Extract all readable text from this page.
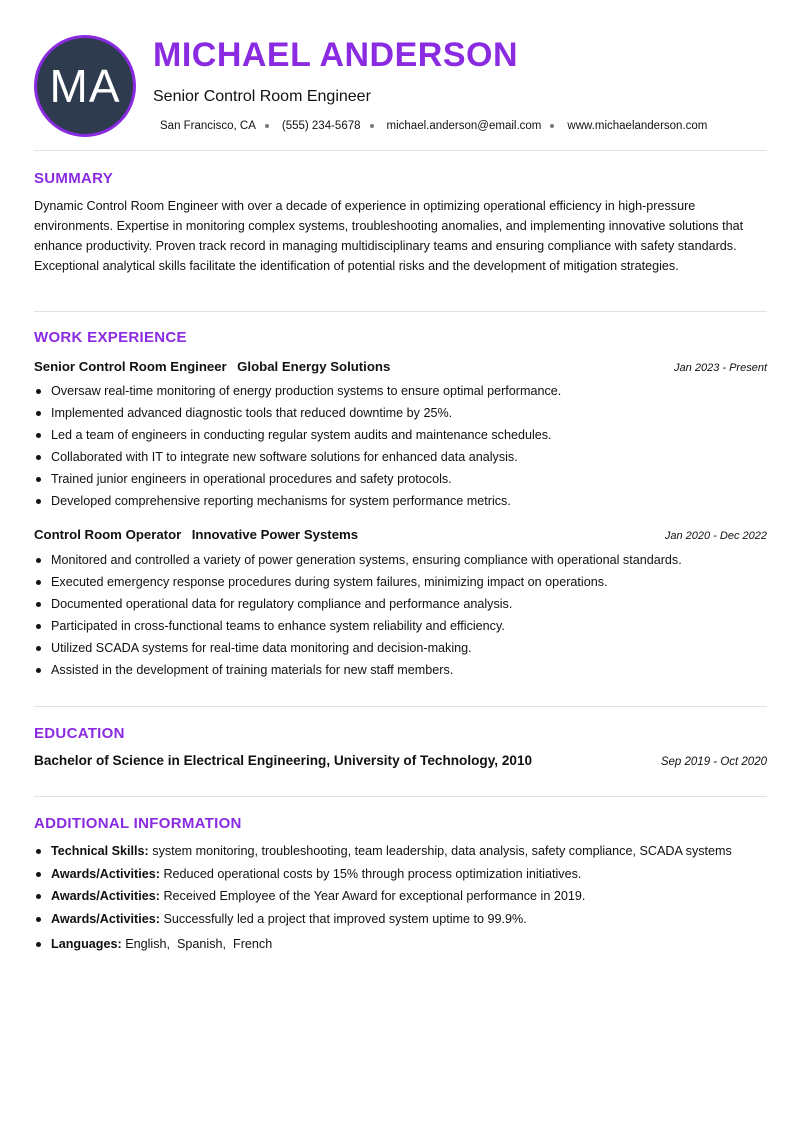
MA
MICHAEL ANDERSON
Senior Control Room Engineer
San Francisco, CA (555) 234-5678 michael.anderson@email.com www.michaelanderson.com
SUMMARY

Dynamic Control Room Engineer with over a decade of experience in optimizing operational efficiency in high-pressure environments. Expertise in monitoring complex systems, troubleshooting anomalies, and implementing innovative solutions that enhance productivity. Proven track record in managing multidisciplinary teams and ensuring compliance with safety standards. Exceptional analytical skills facilitate the identification of potential risks and the development of mitigation strategies.

WORK EXPERIENCE
Senior Control Room Engineer Global Energy Solutions	Jan 2023 - Present
Oversaw real-time monitoring of energy production systems to ensure optimal performance.
Implemented advanced diagnostic tools that reduced downtime by 25%.
Led a team of engineers in conducting regular system audits and maintenance schedules.
Collaborated with IT to integrate new software solutions for enhanced data analysis.
Trained junior engineers in operational procedures and safety protocols.
Developed comprehensive reporting mechanisms for system performance metrics.
Control Room Operator Innovative Power Systems	Jan 2020 - Dec 2022
Monitored and controlled a variety of power generation systems, ensuring compliance with operational standards.
Executed emergency response procedures during system failures, minimizing impact on operations.
Documented operational data for regulatory compliance and performance analysis.
Participated in cross-functional teams to enhance system reliability and efficiency.
Utilized SCADA systems for real-time data monitoring and decision-making.
Assisted in the development of training materials for new staff members.
EDUCATION
Bachelor of Science in Electrical Engineering, University of Technology, 2010	Sep 2019 - Oct 2020
ADDITIONAL INFORMATION
Technical Skills: system monitoring, troubleshooting, team leadership, data analysis, safety compliance, SCADA systems
Awards/Activities: Reduced operational costs by 15% through process optimization initiatives.
Awards/Activities: Received Employee of the Year Award for exceptional performance in 2019.
Awards/Activities: Successfully led a project that improved system uptime to 99.9%.
Languages: English,  Spanish,  French
